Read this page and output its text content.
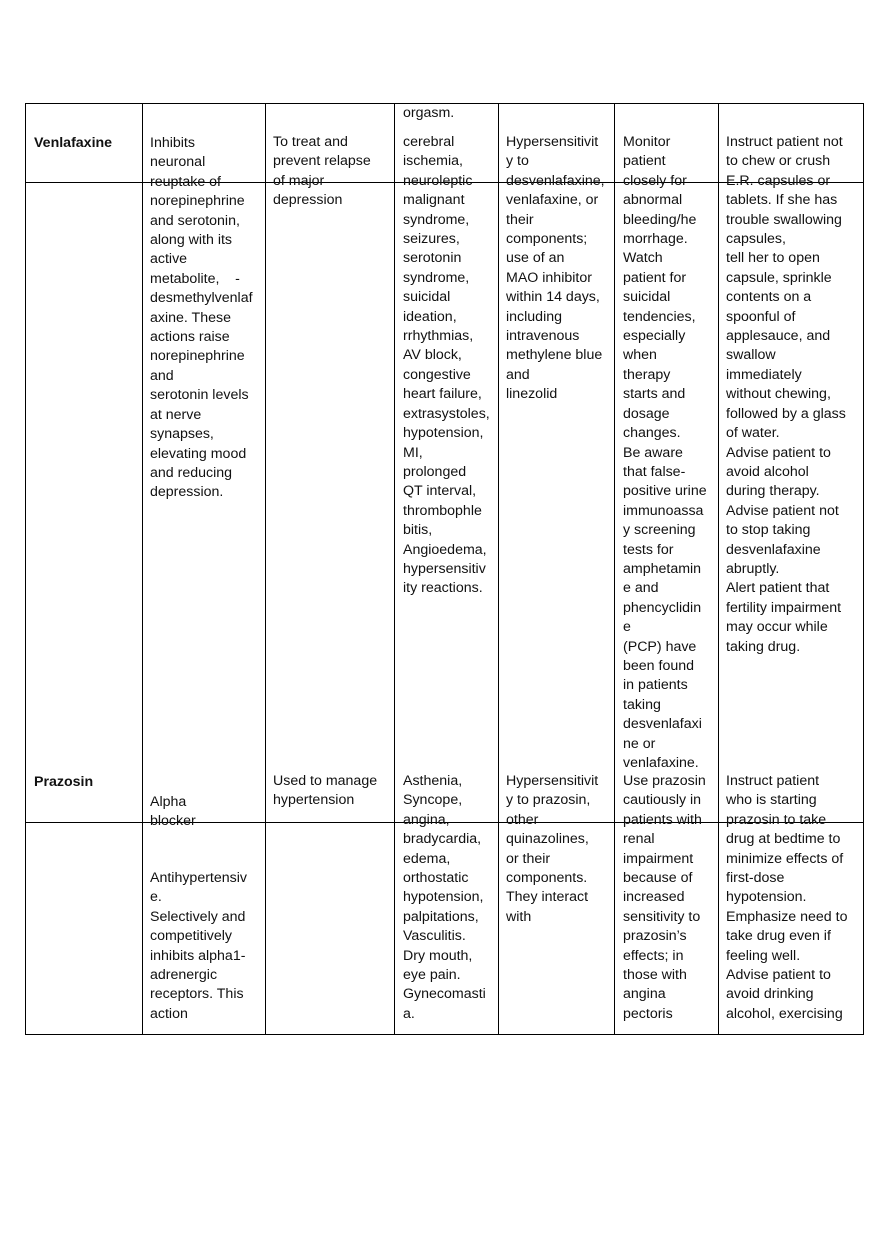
orgasm.
Venlafaxine	Inhibits
neuronal
reuptake of
norepinephrine
and serotonin,
along with its
active
metabolite,    -
desmethylvenlaf
axine. These
actions raise
norepinephrine
and
serotonin levels
at nerve
synapses,
elevating mood
and reducing
depression.
To treat and
prevent relapse
of major
depression
cerebral
ischemia,
neuroleptic
malignant
syndrome,
seizures,
serotonin
syndrome,
suicidal
ideation,
rrhythmias,
AV block,
congestive
heart failure,
extrasystoles,
hypotension,
MI,
prolonged
QT interval,
thrombophle
bitis,
Angioedema,
hypersensitiv
ity reactions.
Hypersensitivit
y to
desvenlafaxine,
venlafaxine, or
their
components;
use of an
MAO inhibitor
within 14 days,
including
intravenous
methylene blue
and
linezolid
Monitor
patient
closely for
abnormal
bleeding/he
morrhage.
Watch
patient for
suicidal
tendencies,
especially
when
therapy
starts and
dosage
changes.
Be aware
that false-
positive urine
immunoassa
y screening
tests for
amphetamin
e and
phencyclidin
e
(PCP) have
been found
in patients
taking
desvenlafaxi
ne or
venlafaxine.
Instruct patient not
to chew or crush
E.R. capsules or
tablets. If she has
trouble swallowing
capsules,
tell her to open
capsule, sprinkle
contents on a
spoonful of
applesauce, and
swallow
immediately
without chewing,
followed by a glass
of water.
Advise patient to
avoid alcohol
during therapy.
Advise patient not
to stop taking
desvenlafaxine
abruptly.
Alert patient that
fertility impairment
may occur while
taking drug.
Prazosin
Alpha
blocker
Antihypertensiv
e.
Selectively and
competitively
inhibits alpha1-
adrenergic
receptors. This
action
Used to manage
hypertension
Asthenia,
Syncope,
angina,
bradycardia,
edema,
orthostatic
hypotension,
palpitations,
Vasculitis.
Dry mouth,
eye pain.
Gynecomasti
a.
Hypersensitivit
y to prazosin,
other
quinazolines,
or their
components.
They interact
with
Use prazosin
cautiously in
patients with
renal
impairment
because of
increased
sensitivity to
prazosin’s
effects; in
those with
angina
pectoris
Instruct patient
who is starting
prazosin to take
drug at bedtime to
minimize effects of
first-dose
hypotension.
Emphasize need to
take drug even if
feeling well.
Advise patient to
avoid drinking
alcohol, exercising
